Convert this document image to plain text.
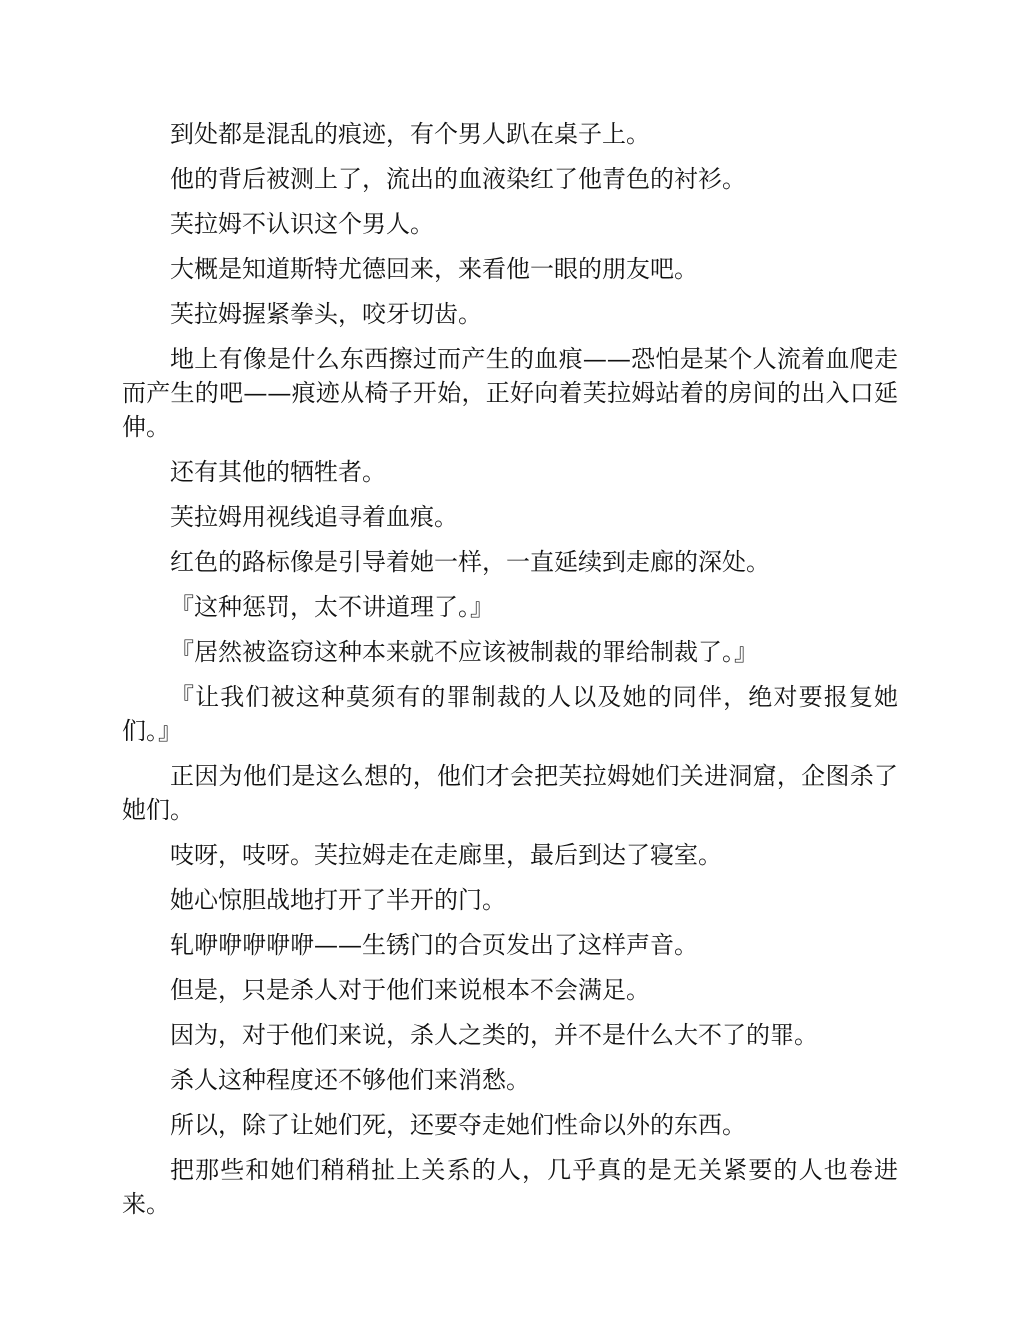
到处都是混乱的痕迹，有个男人趴在桌子上。

他的背后被测上了，流出的血液染红了他青色的衬衫。

芙拉姆不认识这个男人。

大概是知道斯特尤德回来，来看他一眼的朋友吧。

芙拉姆握紧拳头，咬牙切齿。

地上有像是什么东西擦过而产生的血痕——恐怕是某个人流着血爬走而产生的吧——痕迹从椅子开始，正好向着芙拉姆站着的房间的出入口延伸。

还有其他的牺牲者。

芙拉姆用视线追寻着血痕。

红色的路标像是引导着她一样，一直延续到走廊的深处。

『这种惩罚，太不讲道理了。』

『居然被盗窃这种本来就不应该被制裁的罪给制裁了。』

『让我们被这种莫须有的罪制裁的人以及她的同伴，绝对要报复她们。』

正因为他们是这么想的，他们才会把芙拉姆她们关进洞窟，企图杀了她们。

吱呀，吱呀。芙拉姆走在走廊里，最后到达了寝室。

她心惊胆战地打开了半开的门。

轧咿咿咿咿咿——生锈门的合页发出了这样声音。

但是，只是杀人对于他们来说根本不会满足。

因为，对于他们来说，杀人之类的，并不是什么大不了的罪。

杀人这种程度还不够他们来消愁。

所以，除了让她们死，还要夺走她们性命以外的东西。

把那些和她们稍稍扯上关系的人，几乎真的是无关紧要的人也卷进来。
